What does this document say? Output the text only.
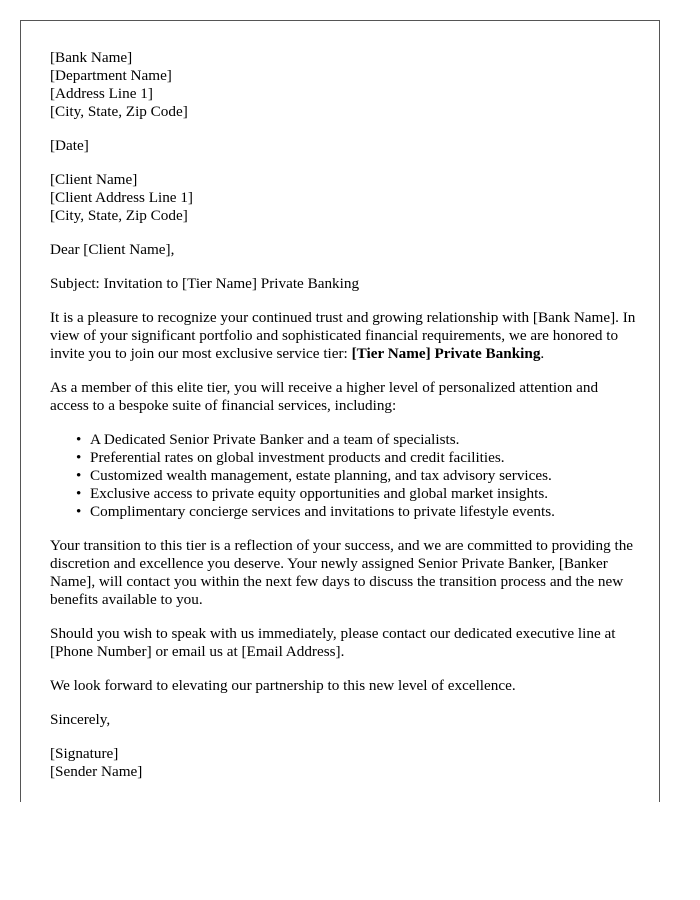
[Bank Name]
[Department Name]
[Address Line 1]
[City, State, Zip Code]
[Date]
[Client Name]
[Client Address Line 1]
[City, State, Zip Code]

Dear [Client Name],

Subject: Invitation to [Tier Name] Private Banking

It is a pleasure to recognize your continued trust and growing relationship with [Bank Name]. In view of your significant portfolio and sophisticated financial requirements, we are honored to invite you to join our most exclusive service tier: [Tier Name] Private Banking.

As a member of this elite tier, you will receive a higher level of personalized attention and access to a bespoke suite of financial services, including:

• A Dedicated Senior Private Banker and a team of specialists.
• Preferential rates on global investment products and credit facilities.
• Customized wealth management, estate planning, and tax advisory services.
• Exclusive access to private equity opportunities and global market insights.
• Complimentary concierge services and invitations to private lifestyle events.

Your transition to this tier is a reflection of your success, and we are committed to providing the discretion and excellence you deserve. Your newly assigned Senior Private Banker, [Banker Name], will contact you within the next few days to discuss the transition process and the new benefits available to you.

Should you wish to speak with us immediately, please contact our dedicated executive line at [Phone Number] or email us at [Email Address].

We look forward to elevating our partnership to this new level of excellence.

Sincerely,

[Signature]
[Sender Name]
